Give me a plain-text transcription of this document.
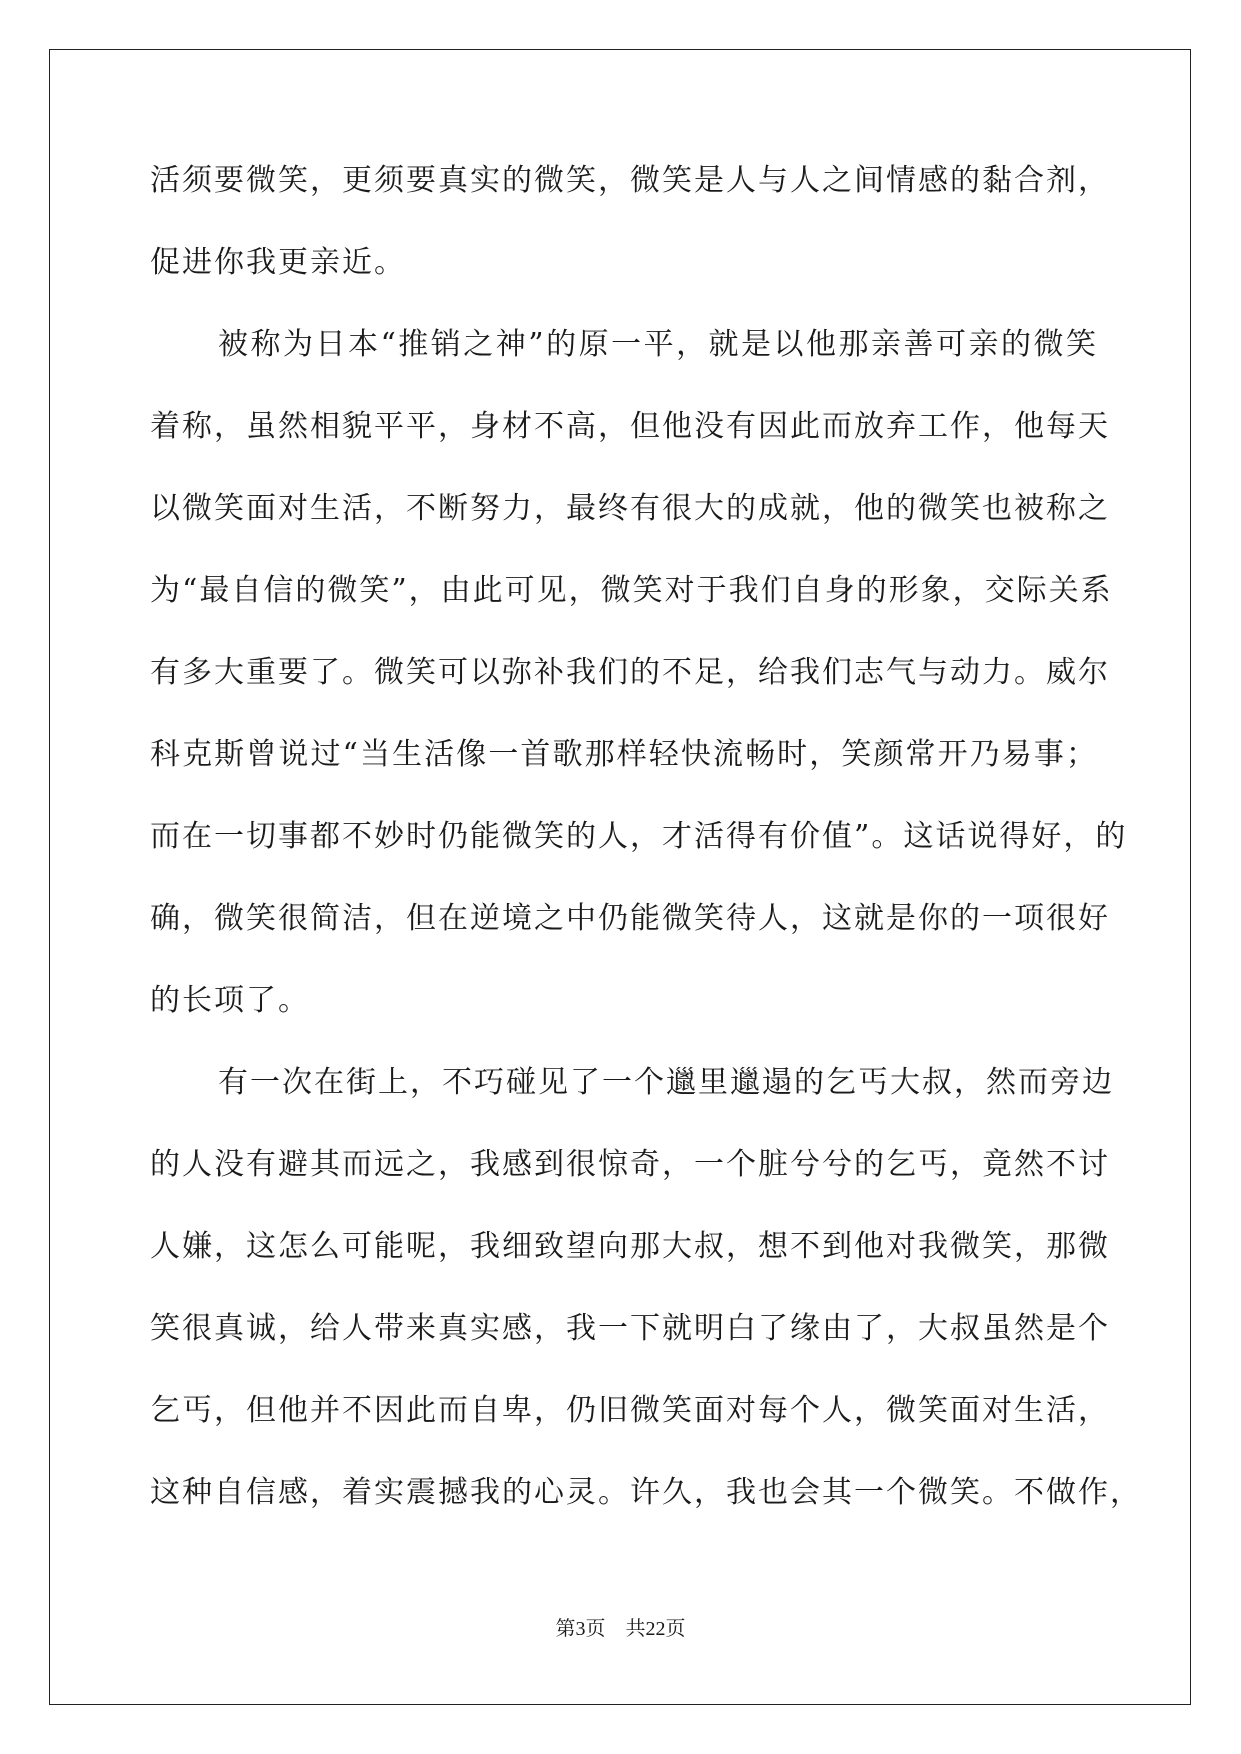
活须要微笑，更须要真实的微笑，微笑是人与人之间情感的黏合剂，
促进你我更亲近。
被称为日本“推销之神”的原一平，就是以他那亲善可亲的微笑
着称，虽然相貌平平，身材不高，但他没有因此而放弃工作，他每天
以微笑面对生活，不断努力，最终有很大的成就，他的微笑也被称之
为“最自信的微笑”，由此可见，微笑对于我们自身的形象，交际关系
有多大重要了。微笑可以弥补我们的不足，给我们志气与动力。威尔
科克斯曾说过“当生活像一首歌那样轻快流畅时，笑颜常开乃易事；
而在一切事都不妙时仍能微笑的人，才活得有价值”。这话说得好，的
确，微笑很简洁，但在逆境之中仍能微笑待人，这就是你的一项很好
的长项了。
有一次在街上，不巧碰见了一个邋里邋遢的乞丐大叔，然而旁边
的人没有避其而远之，我感到很惊奇，一个脏兮兮的乞丐，竟然不讨
人嫌，这怎么可能呢，我细致望向那大叔，想不到他对我微笑，那微
笑很真诚，给人带来真实感，我一下就明白了缘由了，大叔虽然是个
乞丐，但他并不因此而自卑，仍旧微笑面对每个人，微笑面对生活，
这种自信感，着实震撼我的心灵。许久，我也会其一个微笑。不做作，
第3页    共22页
